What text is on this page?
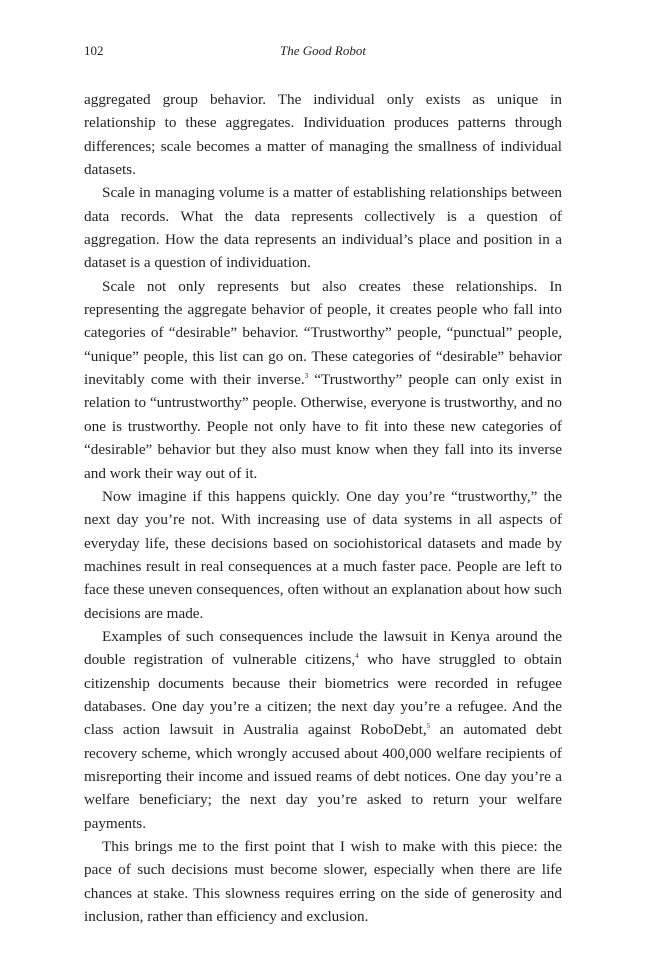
102	The Good Robot

aggregated group behavior. The individual only exists as unique in relationship to these aggregates. Individuation produces patterns through differences; scale becomes a matter of managing the smallness of individual datasets.

Scale in managing volume is a matter of establishing relationships between data records. What the data represents collectively is a question of aggregation. How the data represents an individual’s place and position in a dataset is a question of individuation.

Scale not only represents but also creates these relationships. In representing the aggregate behavior of people, it creates people who fall into categories of “desirable” behavior. “Trustworthy” people, “punctual” people, “unique” people, this list can go on. These categories of “desirable” behavior inevitably come with their inverse.$^3$ “Trustworthy” people can only exist in relation to “untrustworthy” people. Otherwise, everyone is trustworthy, and no one is trustworthy. People not only have to fit into these new categories of “desirable” behavior but they also must know when they fall into its inverse and work their way out of it.

Now imagine if this happens quickly. One day you’re “trustworthy,” the next day you’re not. With increasing use of data systems in all aspects of everyday life, these decisions based on sociohistorical datasets and made by machines result in real consequences at a much faster pace. People are left to face these uneven consequences, often without an explanation about how such decisions are made.

Examples of such consequences include the lawsuit in Kenya around the double registration of vulnerable citizens,$^4$ who have struggled to obtain citizenship documents because their biometrics were recorded in refugee databases. One day you’re a citizen; the next day you’re a refugee. And the class action lawsuit in Australia against RoboDebt,$^5$ an automated debt recovery scheme, which wrongly accused about 400,000 welfare recipients of misreporting their income and issued reams of debt notices. One day you’re a welfare beneficiary; the next day you’re asked to return your welfare payments.

This brings me to the first point that I wish to make with this piece: the pace of such decisions must become slower, especially when there are life chances at stake. This slowness requires erring on the side of generosity and inclusion, rather than efficiency and exclusion.
